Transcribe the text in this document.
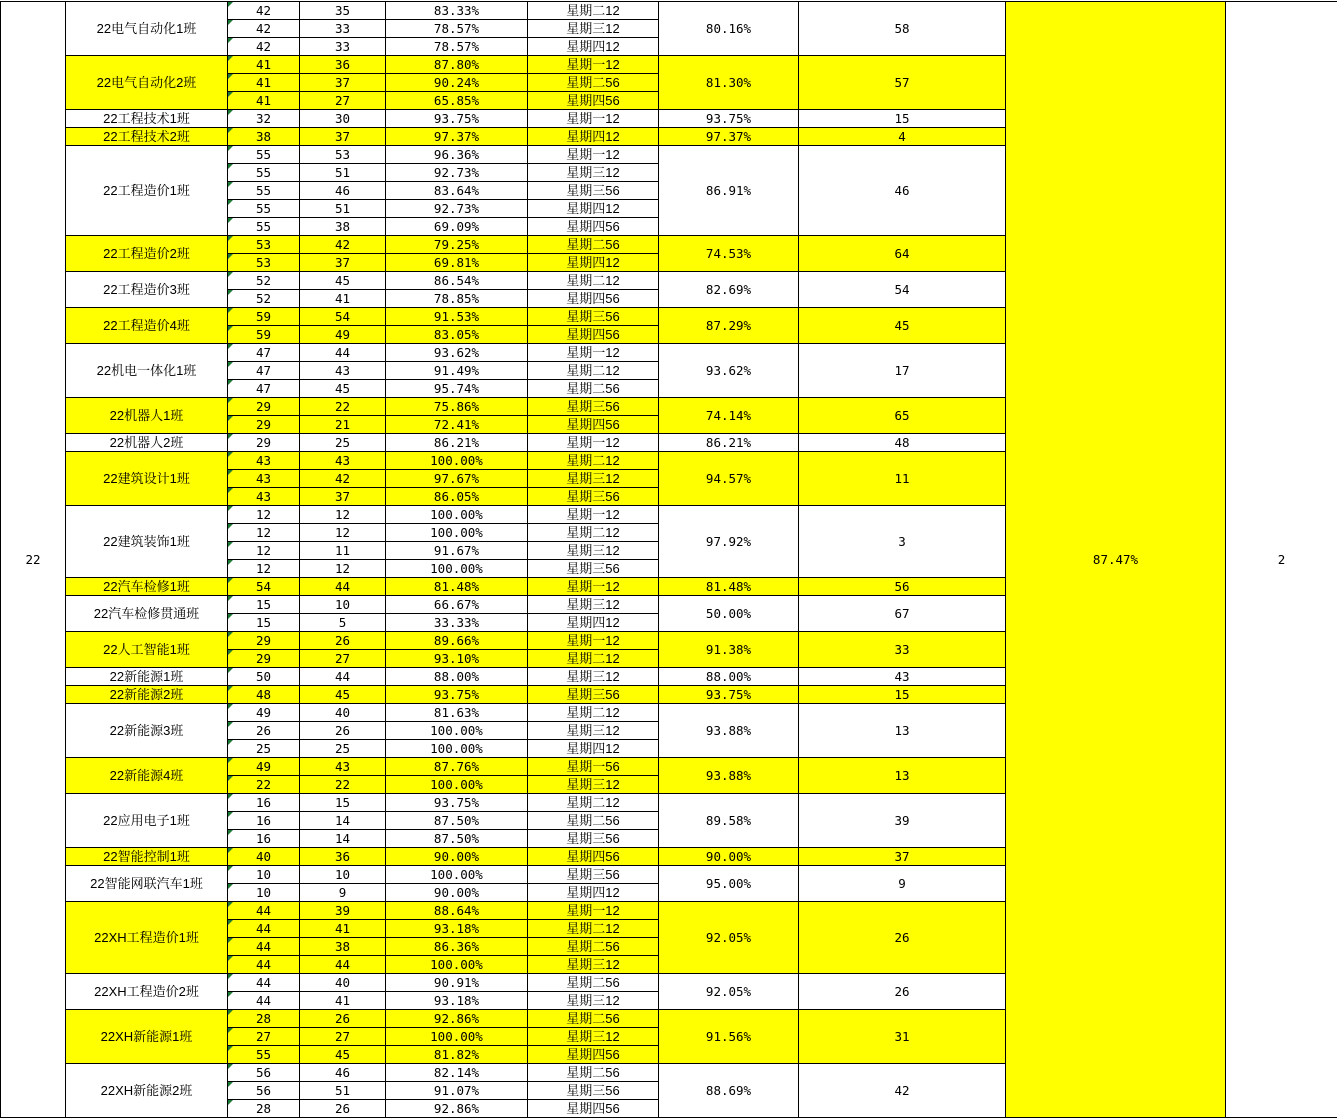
22	22电气自动化1班	42	35	83.33%	星期二12	80.16%	58	87.47%	2
		42	33	78.57%	星期三12				
		42	33	78.57%	星期四12				
	22电气自动化2班	41	36	87.80%	星期一12	81.30%	57		
		41	37	90.24%	星期二56				
		41	27	65.85%	星期四56				
	22工程技术1班	32	30	93.75%	星期一12	93.75%	15		
	22工程技术2班	38	37	97.37%	星期四12	97.37%	4		
	22工程造价1班	55	53	96.36%	星期一12	86.91%	46		
		55	51	92.73%	星期三12				
		55	46	83.64%	星期三56				
		55	51	92.73%	星期四12				
		55	38	69.09%	星期四56				
	22工程造价2班	53	42	79.25%	星期二56	74.53%	64		
		53	37	69.81%	星期四12				
	22工程造价3班	52	45	86.54%	星期二12	82.69%	54		
		52	41	78.85%	星期四56				
	22工程造价4班	59	54	91.53%	星期三56	87.29%	45		
		59	49	83.05%	星期四56				
	22机电一体化1班	47	44	93.62%	星期一12	93.62%	17		
		47	43	91.49%	星期二12				
		47	45	95.74%	星期二56				
	22机器人1班	29	22	75.86%	星期三56	74.14%	65		
		29	21	72.41%	星期四56				
	22机器人2班	29	25	86.21%	星期一12	86.21%	48		
	22建筑设计1班	43	43	100.00%	星期二12	94.57%	11		
		43	42	97.67%	星期三12				
		43	37	86.05%	星期三56				
	22建筑装饰1班	12	12	100.00%	星期一12	97.92%	3		
		12	12	100.00%	星期二12				
		12	11	91.67%	星期三12				
		12	12	100.00%	星期三56				
	22汽车检修1班	54	44	81.48%	星期一12	81.48%	56		
	22汽车检修贯通班	15	10	66.67%	星期三12	50.00%	67		
		15	5	33.33%	星期四12				
	22人工智能1班	29	26	89.66%	星期一12	91.38%	33		
		29	27	93.10%	星期二12				
	22新能源1班	50	44	88.00%	星期三12	88.00%	43		
	22新能源2班	48	45	93.75%	星期三56	93.75%	15		
	22新能源3班	49	40	81.63%	星期二12	93.88%	13		
		26	26	100.00%	星期三12				
		25	25	100.00%	星期四12				
	22新能源4班	49	43	87.76%	星期一56	93.88%	13		
		22	22	100.00%	星期三12				
	22应用电子1班	16	15	93.75%	星期二12	89.58%	39		
		16	14	87.50%	星期二56				
		16	14	87.50%	星期三56				
	22智能控制1班	40	36	90.00%	星期四56	90.00%	37		
	22智能网联汽车1班	10	10	100.00%	星期三56	95.00%	9		
		10	9	90.00%	星期四12				
	22XH工程造价1班	44	39	88.64%	星期一12	92.05%	26		
		44	41	93.18%	星期二12				
		44	38	86.36%	星期二56				
		44	44	100.00%	星期三12				
	22XH工程造价2班	44	40	90.91%	星期二56	92.05%	26		
		44	41	93.18%	星期三12				
	22XH新能源1班	28	26	92.86%	星期二56	91.56%	31		
		27	27	100.00%	星期三12				
		55	45	81.82%	星期四56				
	22XH新能源2班	56	46	82.14%	星期二56	88.69%	42		
		56	51	91.07%	星期三56				
		28	26	92.86%	星期四56				
